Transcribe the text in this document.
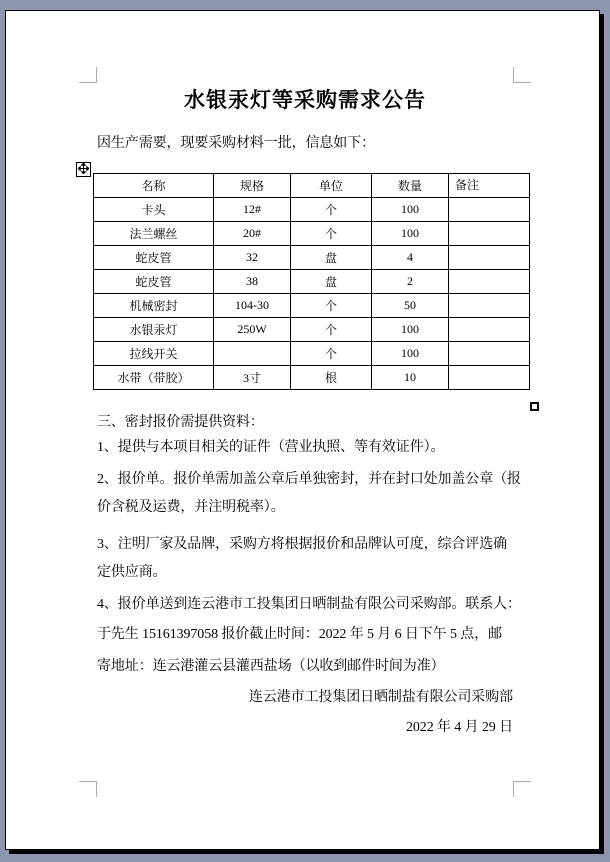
水银汞灯等采购需求公告
因生产需要，现要采购材料一批，信息如下：
名称	规格	单位	数量	备注
卡头	12#	个	100	
法兰螺丝	20#	个	100	
蛇皮管	32	盘	4	
蛇皮管	38	盘	2	
机械密封	104-30	个	50	
水银汞灯	250W	个	100	
拉线开关		个	100	
水带（带胶）	3寸	根	10	
三、密封报价需提供资料：
1、提供与本项目相关的证件（营业执照、等有效证件）。
2、报价单。报价单需加盖公章后单独密封，并在封口处加盖公章（报
价含税及运费，并注明税率）。
3、注明厂家及品牌，采购方将根据报价和品牌认可度，综合评选确
定供应商。
4、报价单送到连云港市工投集团日晒制盐有限公司采购部。联系人：
于先生 15161397058 报价截止时间：2022 年 5 月 6 日下午 5 点，邮
寄地址：连云港灌云县灌西盐场（以收到邮件时间为准）
连云港市工投集团日晒制盐有限公司采购部
2022 年 4 月 29 日
